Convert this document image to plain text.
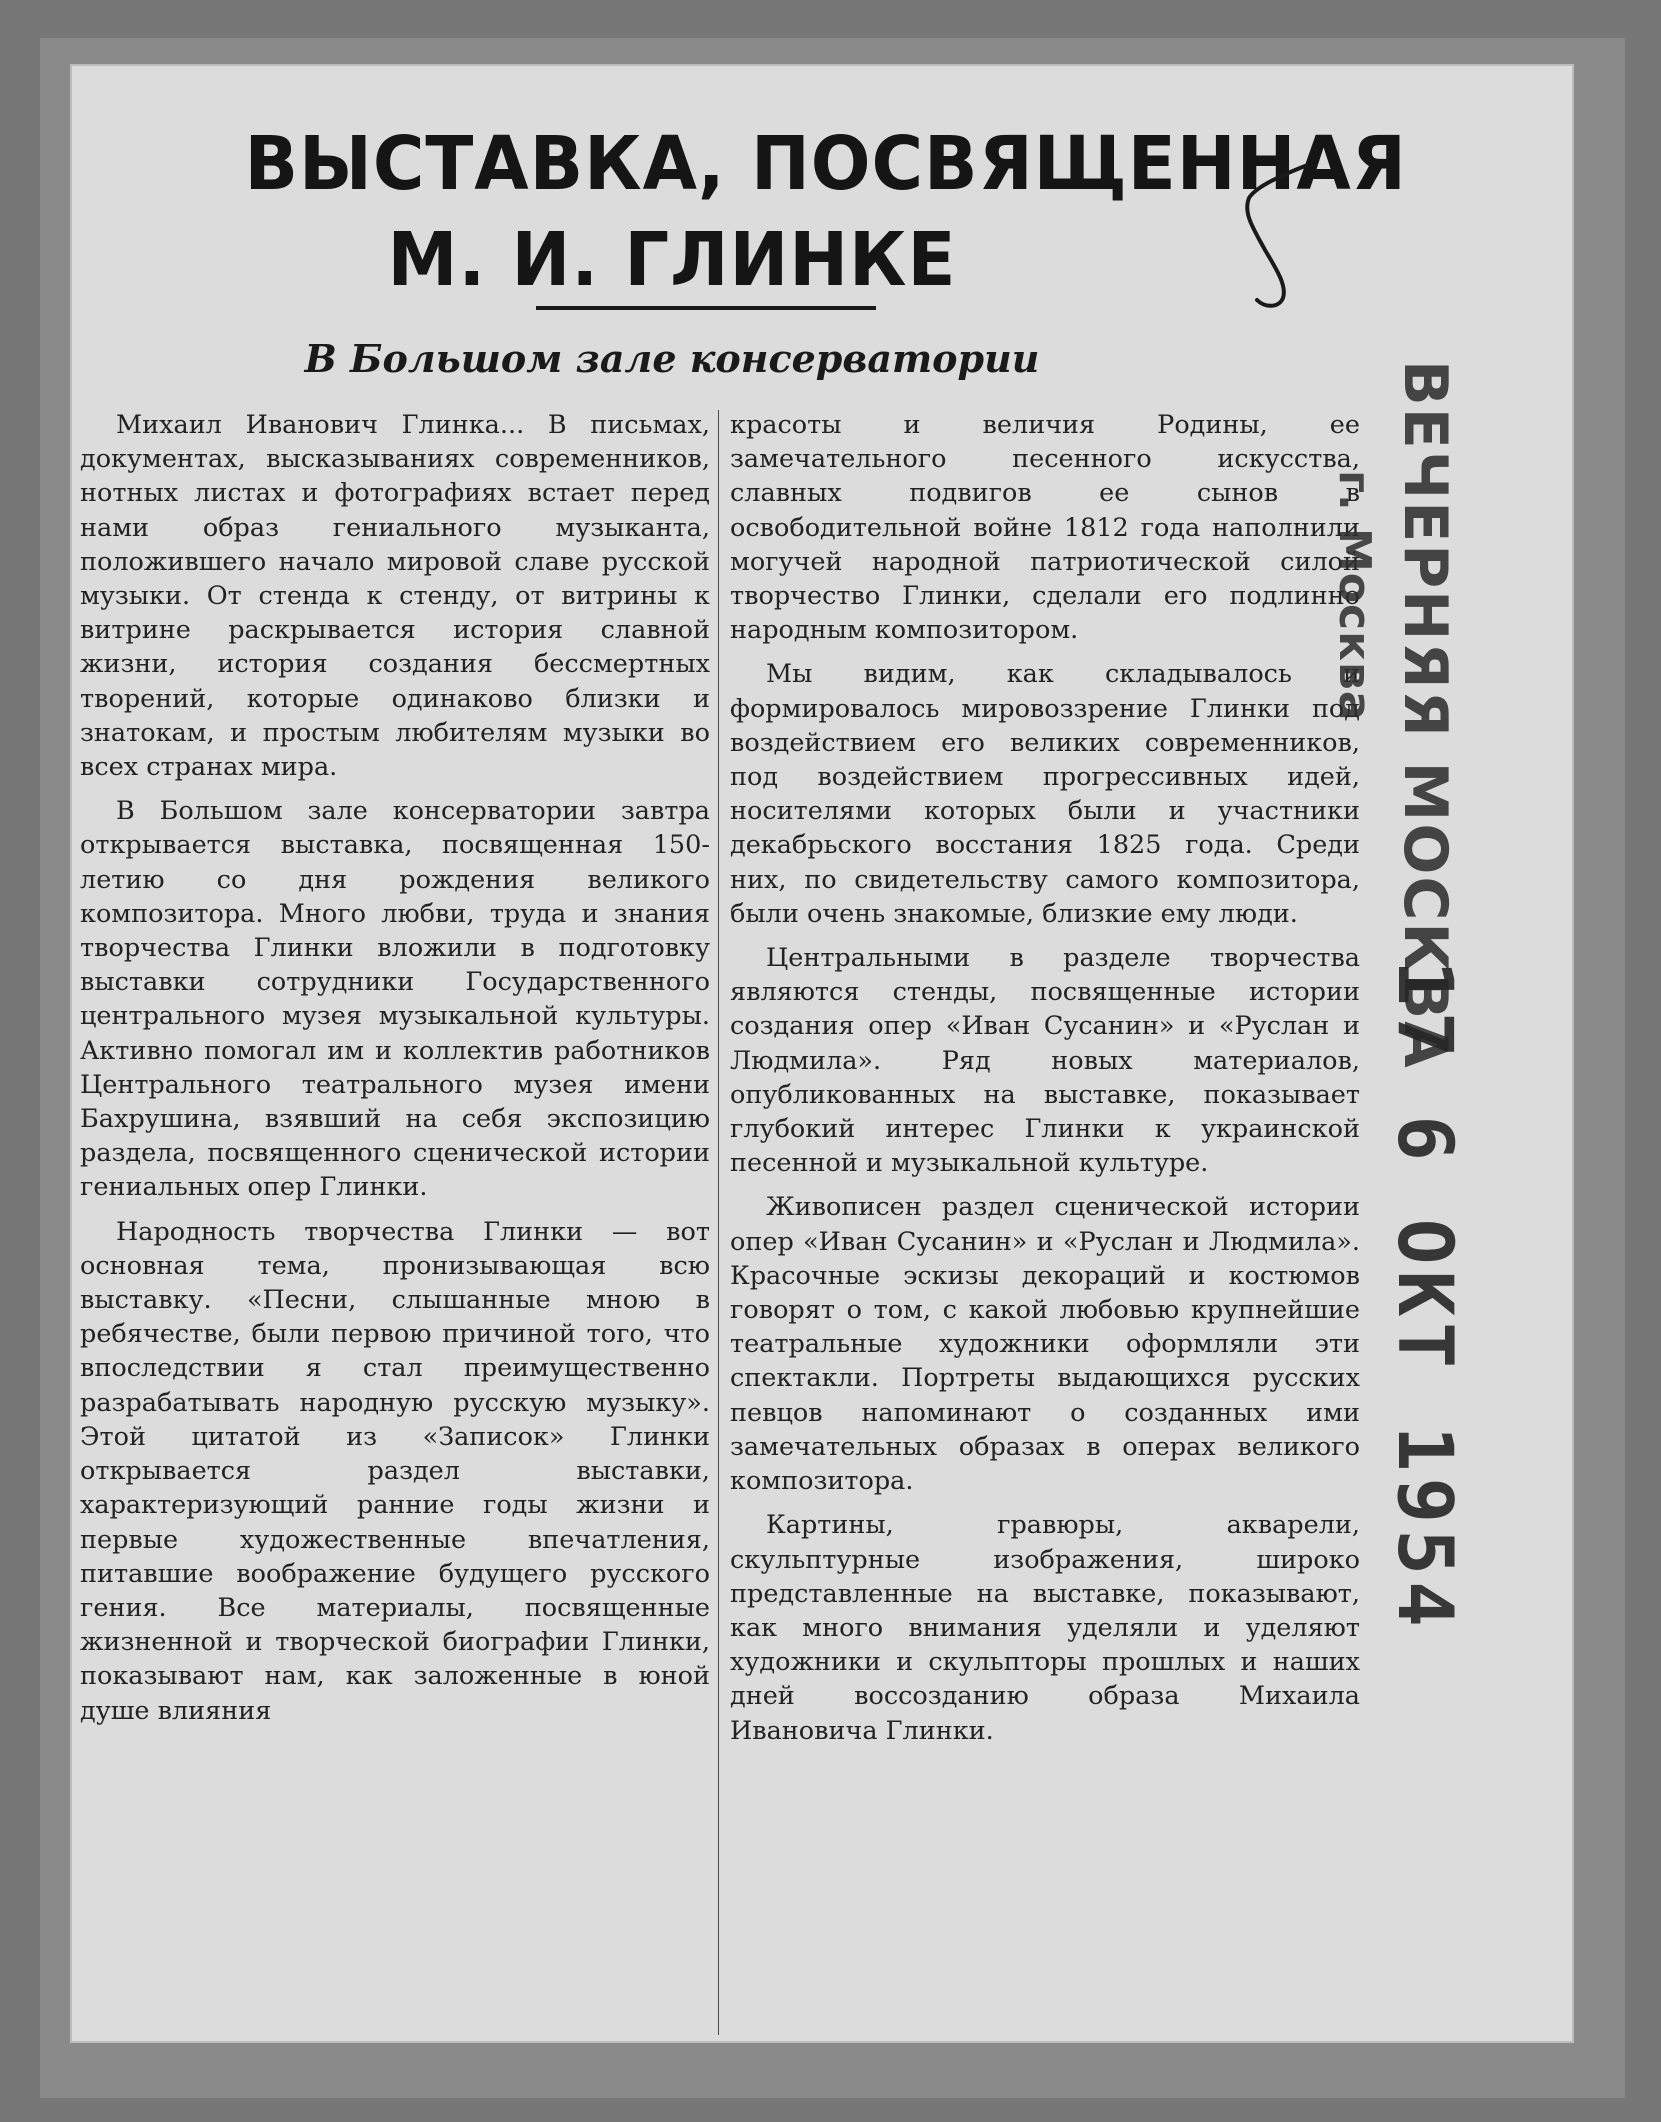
ВЫСТАВКА, ПОСВЯЩЕННАЯ
М. И. ГЛИНКЕ
В Большом зале консерватории

Михаил Иванович Глинка... В письмах, документах, высказываниях современников, нотных листах и фотографиях встает перед нами образ гениального музыканта, положившего начало мировой славе русской музыки. От стенда к стенду, от витрины к витрине раскрывается история славной жизни, история создания бессмертных творений, которые одинаково близки и знатокам, и простым любителям музыки во всех странах мира.

В Большом зале консерватории завтра открывается выставка, посвященная 150-летию со дня рождения великого композитора. Много любви, труда и знания творчества Глинки вложили в подготовку выставки сотрудники Государственного центрального музея музыкальной культуры. Активно помогал им и коллектив работников Центрального театрального музея имени Бахрушина, взявший на себя экспозицию раздела, посвященного сценической истории гениальных опер Глинки.

Народность творчества Глинки — вот основная тема, пронизывающая всю выставку. «Песни, слышанные мною в ребячестве, были первою причиной того, что впоследствии я стал преимущественно разрабатывать народную русскую музыку». Этой цитатой из «Записок» Глинки открывается раздел выставки, характеризующий ранние годы жизни и первые художественные впечатления, питавшие воображение будущего русского гения. Все материалы, посвященные жизненной и творческой биографии Глинки, показывают нам, как заложенные в юной душе влияния

красоты и величия Родины, ее замечательного песенного искусства, славных подвигов ее сынов в освободительной войне 1812 года наполнили могучей народной патриотической силой творчество Глинки, сделали его подлинно народным композитором.

Мы видим, как складывалось и формировалось мировоззрение Глинки под воздействием его великих современников, под воздействием прогрессивных идей, носителями которых были и участники декабрьского восстания 1825 года. Среди них, по свидетельству самого композитора, были очень знакомые, близкие ему люди.

Центральными в разделе творчества являются стенды, посвященные истории создания опер «Иван Сусанин» и «Руслан и Людмила». Ряд новых материалов, опубликованных на выставке, показывает глубокий интерес Глинки к украинской песенной и музыкальной культуре.

Живописен раздел сценической истории опер «Иван Сусанин» и «Руслан и Людмила». Красочные эскизы декораций и костюмов говорят о том, с какой любовью крупнейшие театральные художники оформляли эти спектакли. Портреты выдающихся русских певцов напоминают о созданных ими замечательных образах в операх великого композитора.

Картины, гравюры, акварели, скульптурные изображения, широко представленные на выставке, показывают, как много внимания уделяли и уделяют художники и скульпторы прошлых и наших дней воссозданию образа Михаила Ивановича Глинки.

ВЕЧЕРНЯЯ МОСКВА
г. Москва
17 6 ОКТ 1954
